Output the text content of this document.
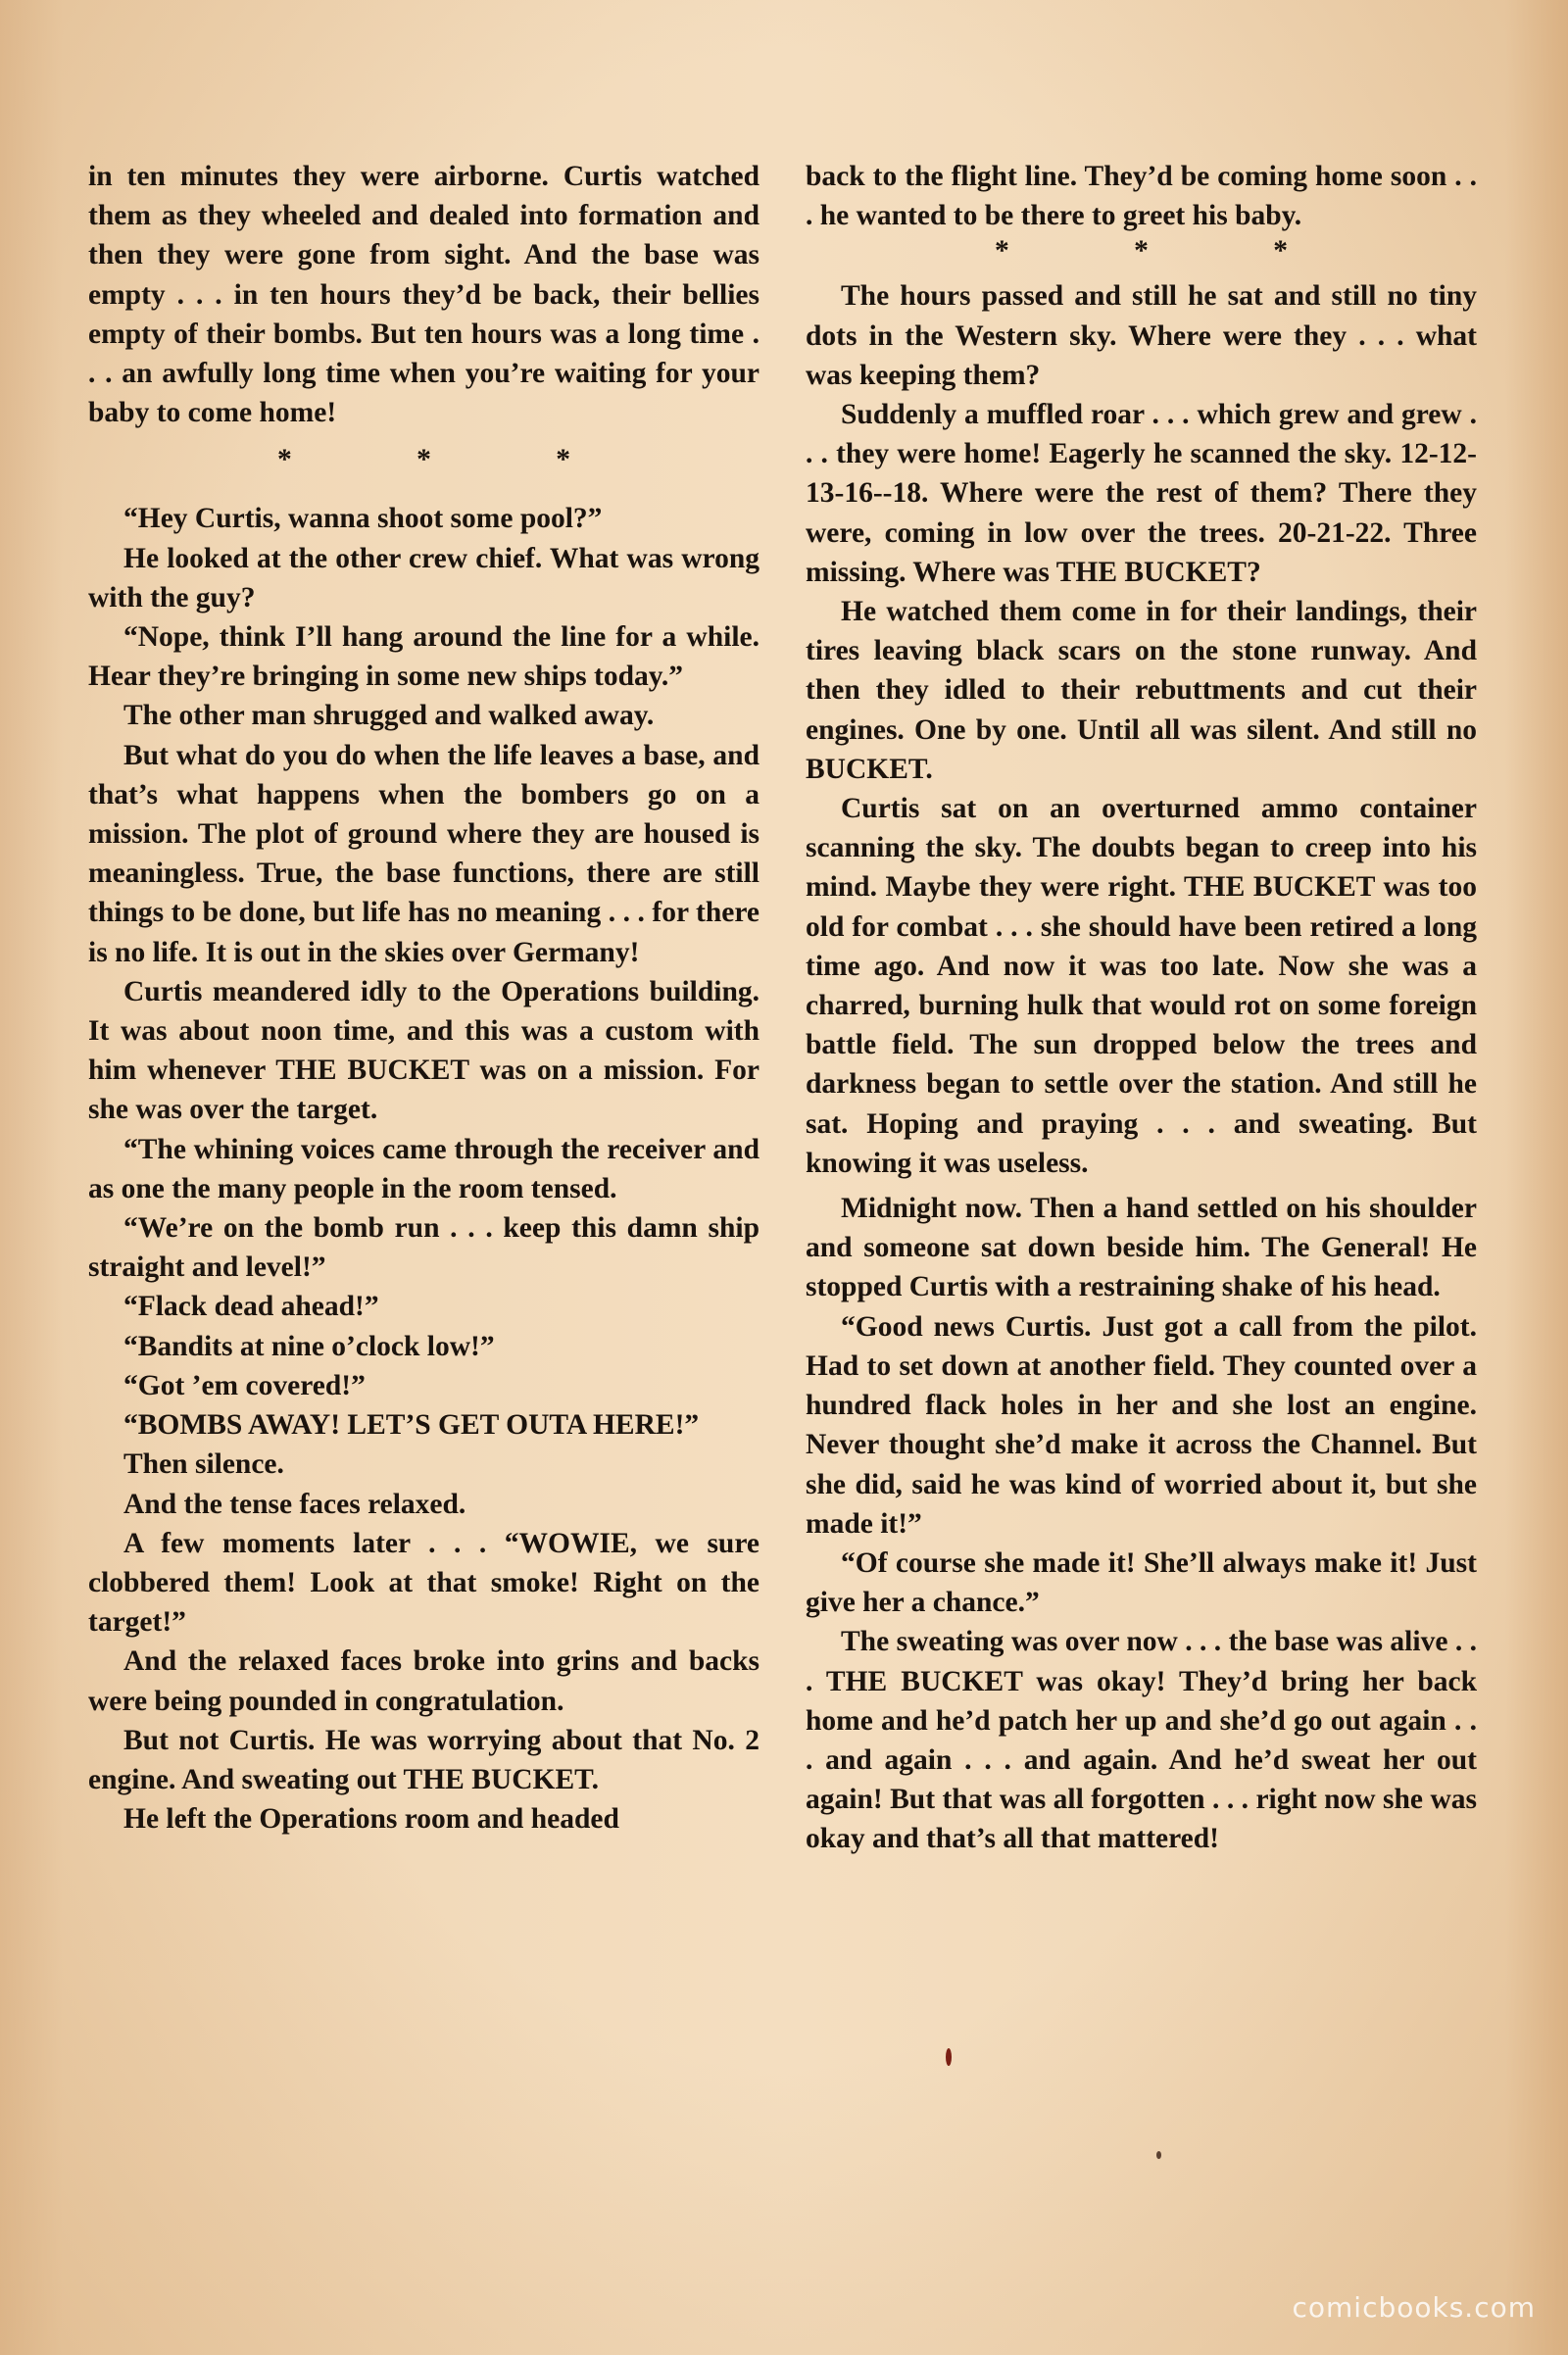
in ten minutes they were airborne. Curtis watched them as they wheeled and dealed into formation and then they were gone from sight. And the base was empty . . . in ten hours they’d be back, their bellies empty of their bombs. But ten hours was a long time . . . an awfully long time when you’re waiting for your baby to come home!

* * *

“Hey Curtis, wanna shoot some pool?”

He looked at the other crew chief. What was wrong with the guy?

“Nope, think I’ll hang around the line for a while. Hear they’re bringing in some new ships today.”

The other man shrugged and walked away.

But what do you do when the life leaves a base, and that’s what happens when the bombers go on a mission. The plot of ground where they are housed is meaningless. True, the base functions, there are still things to be done, but life has no meaning . . . for there is no life. It is out in the skies over Germany!

Curtis meandered idly to the Operations building. It was about noon time, and this was a custom with him whenever THE BUCKET was on a mission. For she was over the target.

“The whining voices came through the receiver and as one the many people in the room tensed.

“We’re on the bomb run . . . keep this damn ship straight and level!”

“Flack dead ahead!”

“Bandits at nine o’clock low!”

“Got ’em covered!”

“BOMBS AWAY! LET’S GET OUTA HERE!”

Then silence.

And the tense faces relaxed.

A few moments later . . . “WOWIE, we sure clobbered them! Look at that smoke! Right on the target!”

And the relaxed faces broke into grins and backs were being pounded in congratulation.

But not Curtis. He was worrying about that No. 2 engine. And sweating out THE BUCKET.

He left the Operations room and headed

back to the flight line. They’d be coming home soon . . . he wanted to be there to greet his baby.

* * *

The hours passed and still he sat and still no tiny dots in the Western sky. Where were they . . . what was keeping them?

Suddenly a muffled roar . . . which grew and grew . . . they were home! Eagerly he scanned the sky. 12-12-13-16--18. Where were the rest of them? There they were, coming in low over the trees. 20-21-22. Three missing. Where was THE BUCKET?

He watched them come in for their landings, their tires leaving black scars on the stone runway. And then they idled to their rebuttments and cut their engines. One by one. Until all was silent. And still no BUCKET.

Curtis sat on an overturned ammo container scanning the sky. The doubts began to creep into his mind. Maybe they were right. THE BUCKET was too old for combat . . . she should have been retired a long time ago. And now it was too late. Now she was a charred, burning hulk that would rot on some foreign battle field. The sun dropped below the trees and darkness began to settle over the station. And still he sat. Hoping and praying . . . and sweating. But knowing it was useless.

Midnight now. Then a hand settled on his shoulder and someone sat down beside him. The General! He stopped Curtis with a restraining shake of his head.

“Good news Curtis. Just got a call from the pilot. Had to set down at another field. They counted over a hundred flack holes in her and she lost an engine. Never thought she’d make it across the Channel. But she did, said he was kind of worried about it, but she made it!”

“Of course she made it! She’ll always make it! Just give her a chance.”

The sweating was over now . . . the base was alive . . . THE BUCKET was okay! They’d bring her back home and he’d patch her up and she’d go out again . . . and again . . . and again. And he’d sweat her out again! But that was all forgotten . . . right now she was okay and that’s all that mattered!

comicbooks.com
